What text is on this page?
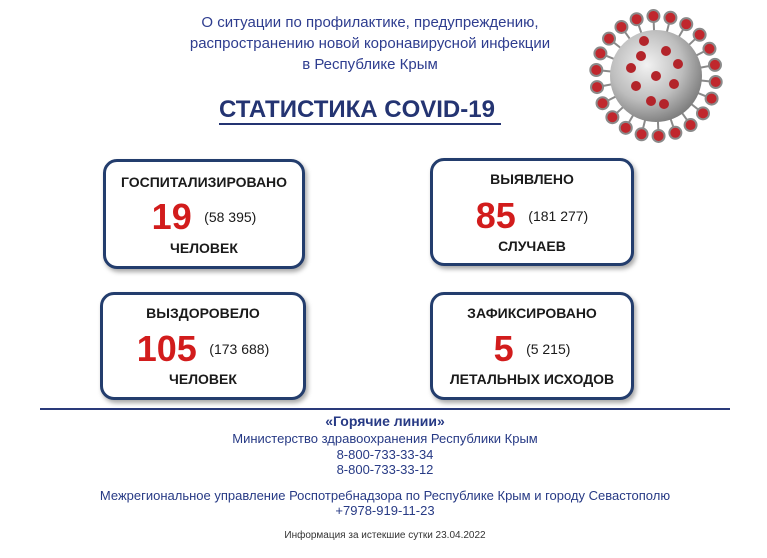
О ситуации по профилактике, предупреждению,
распространению новой коронавирусной инфекции
в Республике Крым
СТАТИСТИКА COVID-19
ГОСПИТАЛИЗИРОВАНО
19 (58 395)
ЧЕЛОВЕК
ВЫЯВЛЕНО
85 (181 277)
СЛУЧАЕВ
ВЫЗДОРОВЕЛО
105 (173 688)
ЧЕЛОВЕК
ЗАФИКСИРОВАНО
5 (5 215)
ЛЕТАЛЬНЫХ ИСХОДОВ
«Горячие линии»
Министерство здравоохранения Республики Крым
8-800-733-33-34
8-800-733-33-12
Межрегиональное управление Роспотребнадзора по Республике Крым и городу Севастополю
+7978-919-11-23
Информация за истекшие сутки 23.04.2022
